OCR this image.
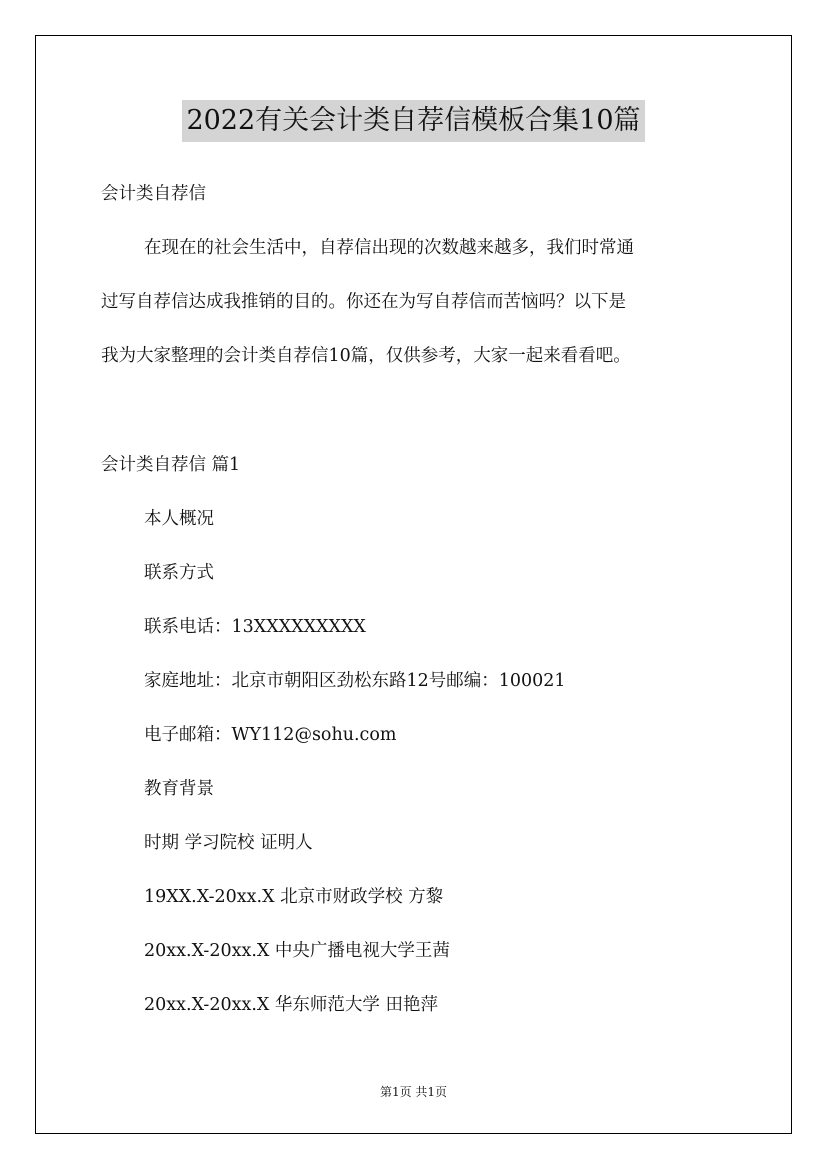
2022有关会计类自荐信模板合集10篇
会计类自荐信
在现在的社会生活中，自荐信出现的次数越来越多，我们时常通
过写自荐信达成我推销的目的。你还在为写自荐信而苦恼吗？以下是
我为大家整理的会计类自荐信10篇，仅供参考，大家一起来看看吧。
会计类自荐信 篇1
本人概况
联系方式
联系电话：13XXXXXXXXX
家庭地址：北京市朝阳区劲松东路12号邮编：100021
电子邮箱：WY112@sohu.com
教育背景
时期 学习院校 证明人
19XX.X-20xx.X 北京市财政学校 方黎
20xx.X-20xx.X 中央广播电视大学王茜
20xx.X-20xx.X 华东师范大学 田艳萍
第1页 共1页
